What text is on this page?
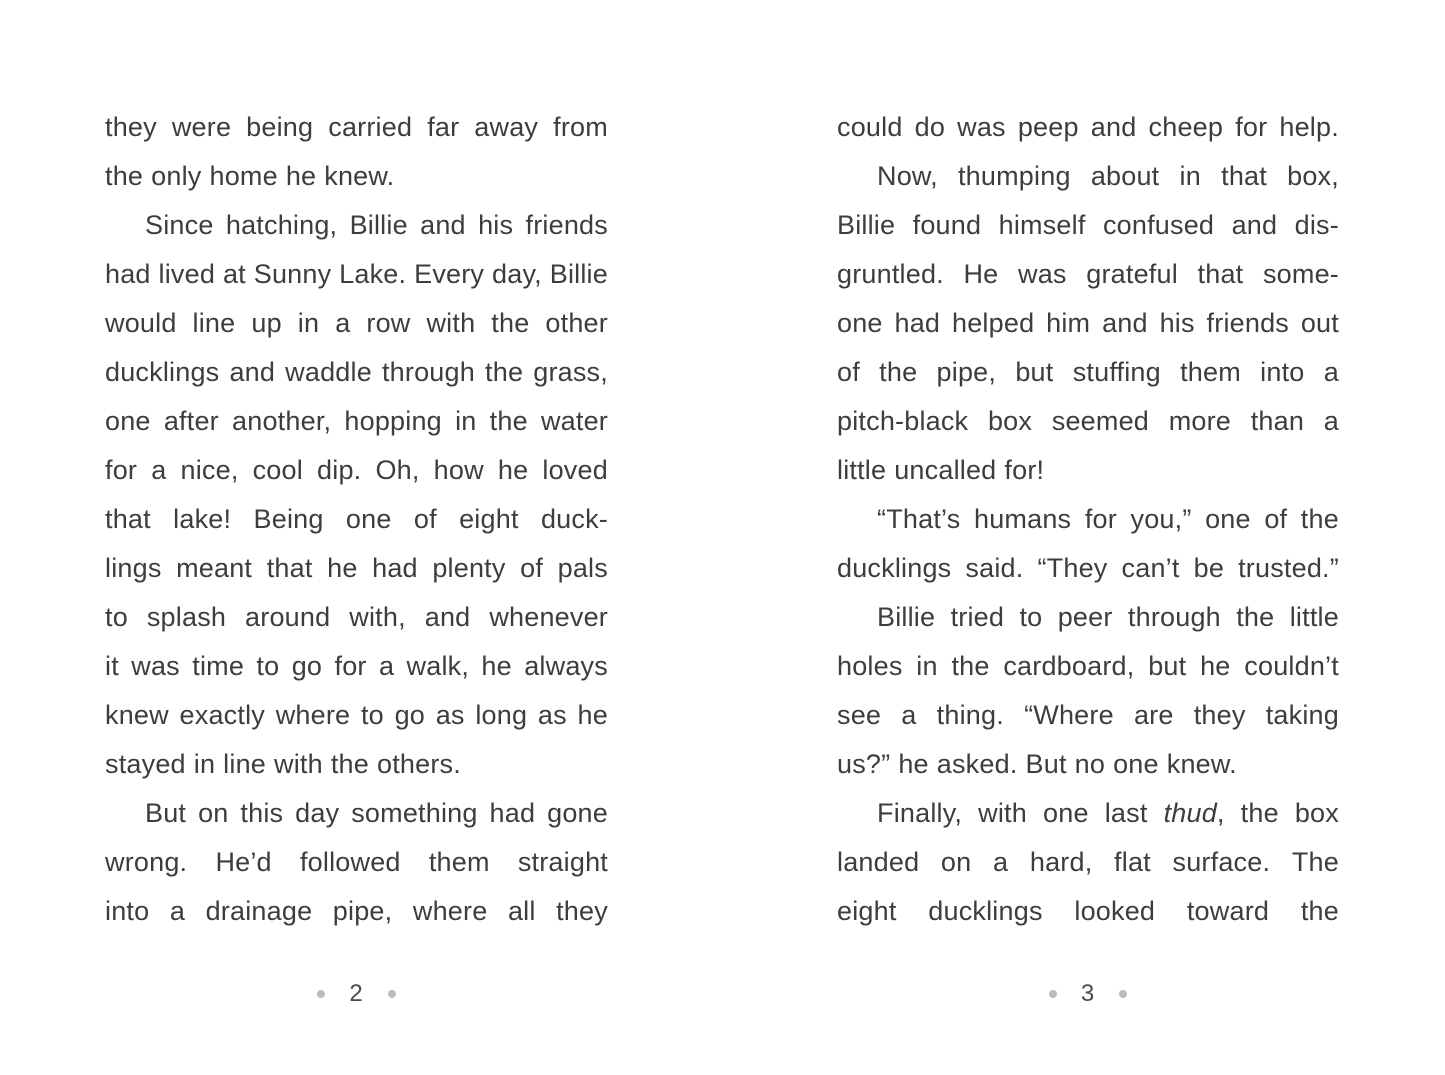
they were being carried far away from
the only home he knew.
Since hatching, Billie and his friends
had lived at Sunny Lake. Every day, Billie
would line up in a row with the other
ducklings and waddle through the grass,
one after another, hopping in the water
for a nice, cool dip. Oh, how he loved
that lake! Being one of eight duck-
lings meant that he had plenty of pals
to splash around with, and whenever
it was time to go for a walk, he always
knew exactly where to go as long as he
stayed in line with the others.
But on this day something had gone
wrong. He’d followed them straight
into a drainage pipe, where all they
2
could do was peep and cheep for help.
Now, thumping about in that box,
Billie found himself confused and dis-
gruntled. He was grateful that some-
one had helped him and his friends out
of the pipe, but stuffing them into a
pitch-black box seemed more than a
little uncalled for!
“That’s humans for you,” one of the
ducklings said. “They can’t be trusted.”
Billie tried to peer through the little
holes in the cardboard, but he couldn’t
see a thing. “Where are they taking
us?” he asked. But no one knew.
Finally, with one last thud, the box
landed on a hard, flat surface. The
eight ducklings looked toward the
3
